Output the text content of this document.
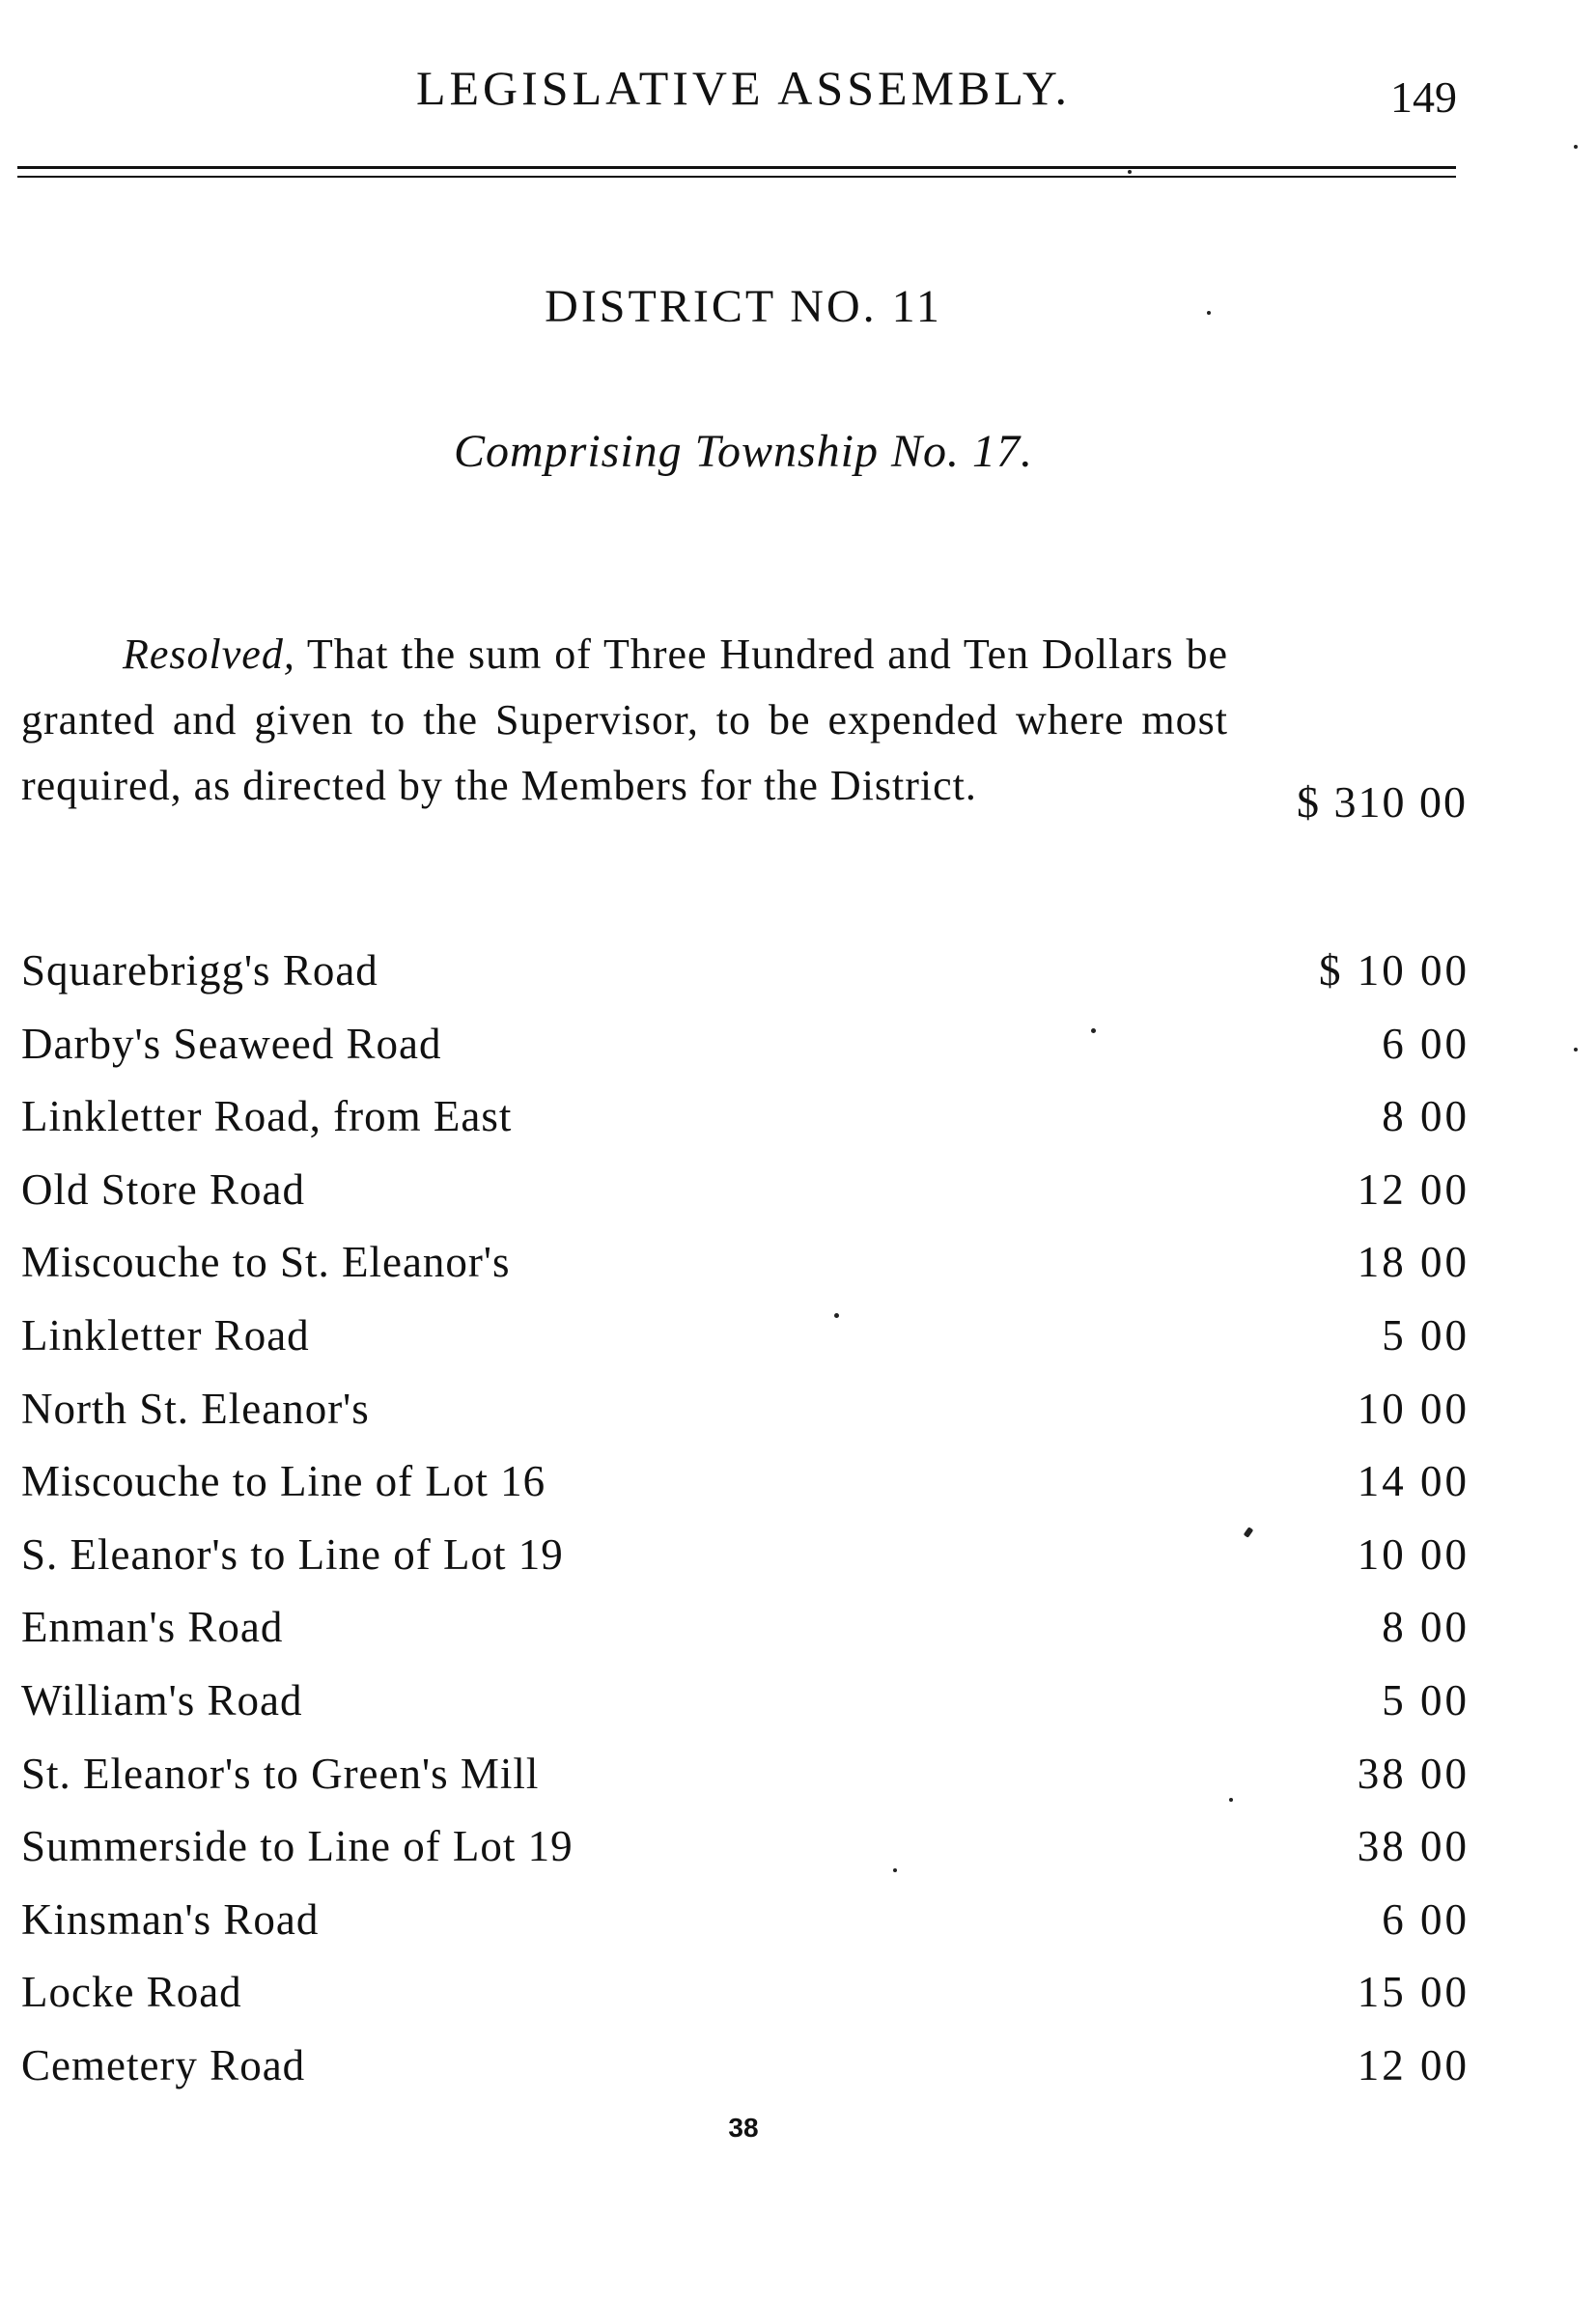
LEGISLATIVE ASSEMBLY.	149
DISTRICT NO. 11
Comprising Township No. 17.

Resolved, That the sum of Three Hundred and Ten Dollars be granted and given to the Supervisor, to be expended where most required, as directed by the Members for the District.	$ 310 00
Squarebrigg's Road	$ 10 00
Darby's Seaweed Road	6 00
Linkletter Road, from East	8 00
Old Store Road	12 00
Miscouche to St. Eleanor's	18 00
Linkletter Road	5 00
North St. Eleanor's	10 00
Miscouche to Line of Lot 16	14 00
S. Eleanor's to Line of Lot 19	10 00
Enman's Road	8 00
William's Road	5 00
St. Eleanor's to Green's Mill	38 00
Summerside to Line of Lot 19	38 00
Kinsman's Road	6 00
Locke Road	15 00
Cemetery Road	12 00
38
